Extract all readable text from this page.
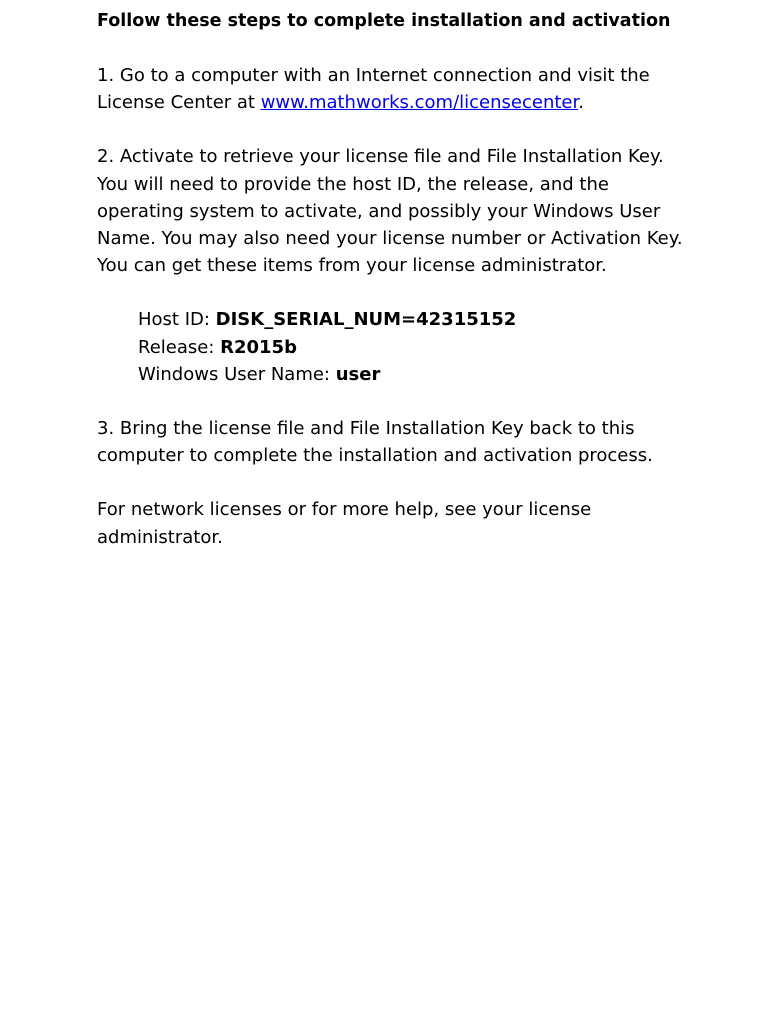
Follow these steps to complete installation and activation

1. Go to a computer with an Internet connection and visit the License Center at www.mathworks.com/licensecenter.

2. Activate to retrieve your license file and File Installation Key. You will need to provide the host ID, the release, and the operating system to activate, and possibly your Windows User Name. You may also need your license number or Activation Key. You can get these items from your license administrator.

Host ID: DISK_SERIAL_NUM=42315152
Release: R2015b
Windows User Name: user

3. Bring the license file and File Installation Key back to this computer to complete the installation and activation process.

For network licenses or for more help, see your license administrator.
